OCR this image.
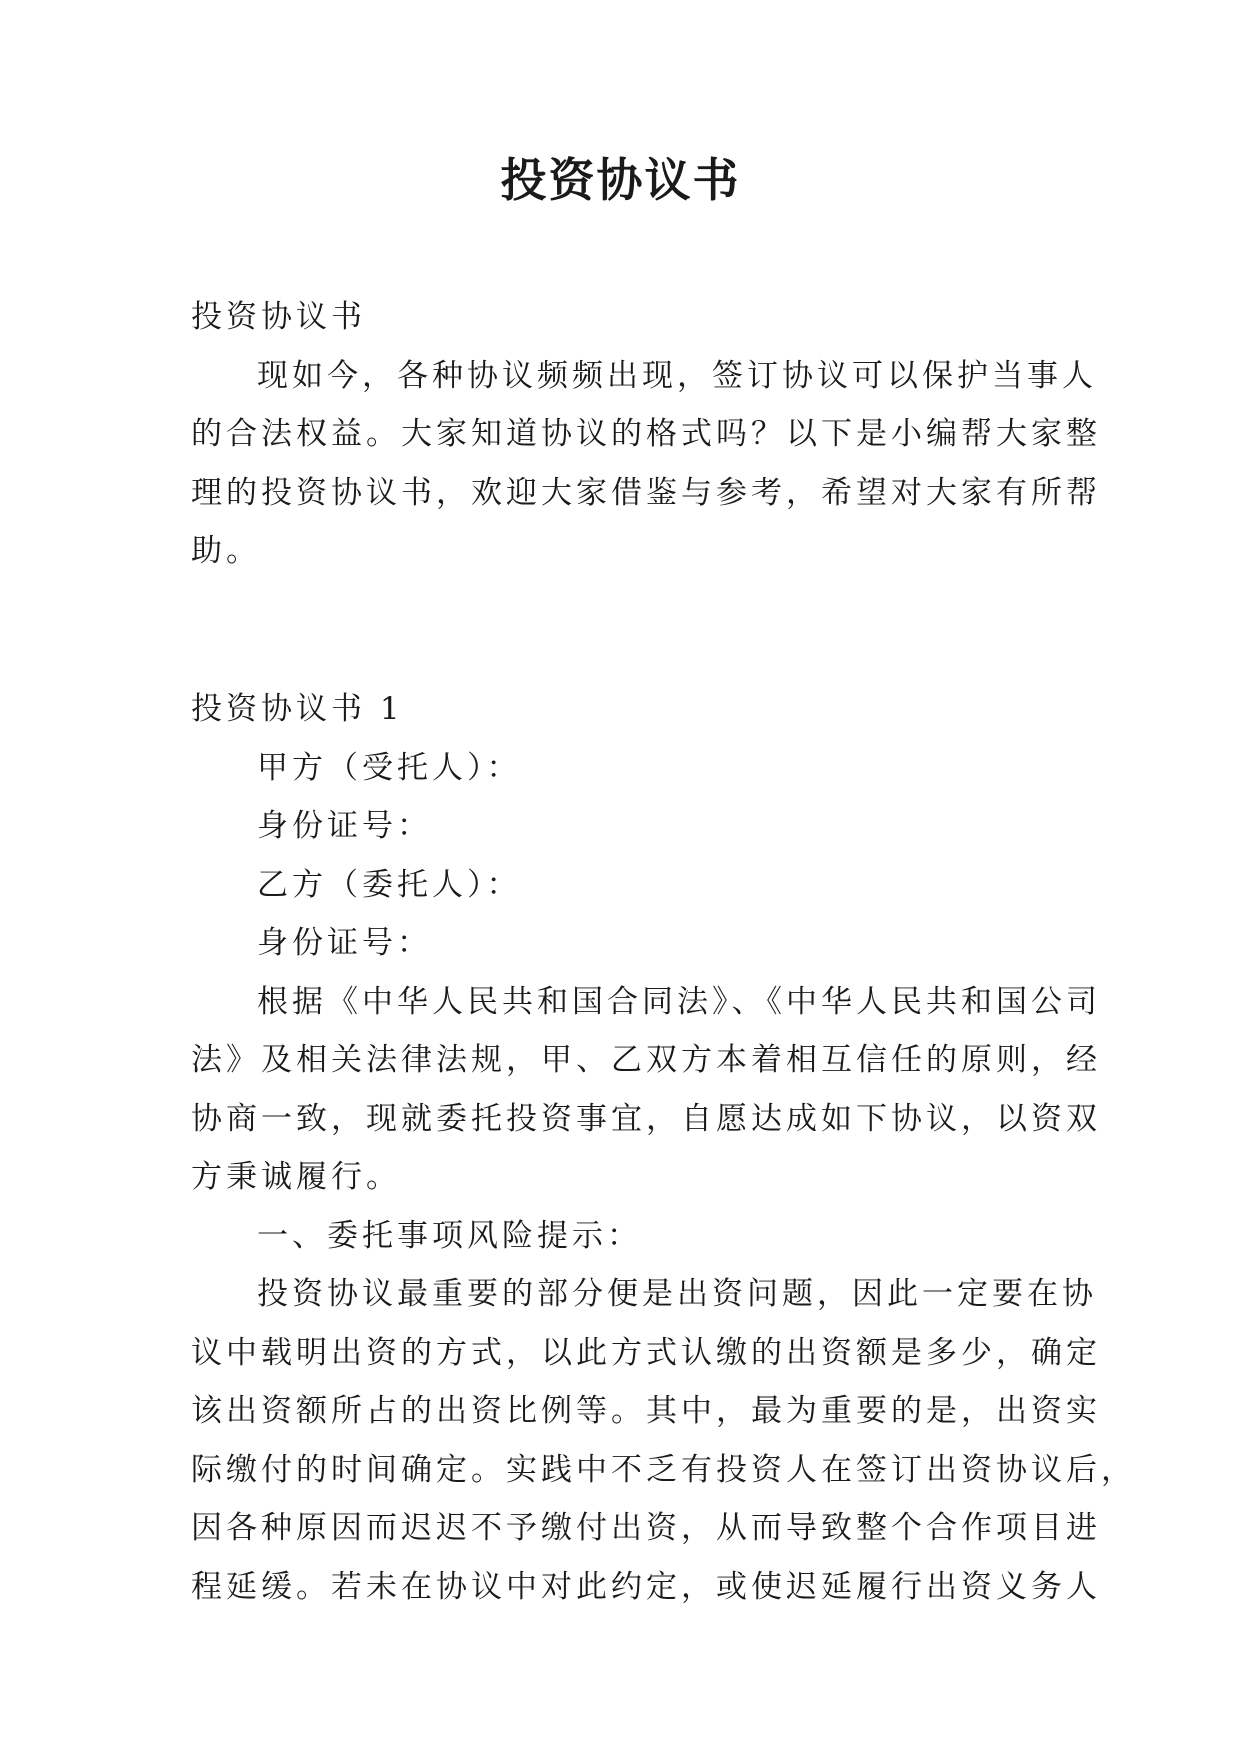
投资协议书
投资协议书
现如今，各种协议频频出现，签订协议可以保护当事人
的合法权益。大家知道协议的格式吗？以下是小编帮大家整
理的投资协议书，欢迎大家借鉴与参考，希望对大家有所帮
助。
投资协议书 1
甲方（受托人）：
身份证号：
乙方（委托人）：
身份证号：
根据《中华人民共和国合同法》、《中华人民共和国公司
法》及相关法律法规，甲、乙双方本着相互信任的原则，经
协商一致，现就委托投资事宜，自愿达成如下协议，以资双
方秉诚履行。
一、委托事项风险提示：
投资协议最重要的部分便是出资问题，因此一定要在协
议中载明出资的方式，以此方式认缴的出资额是多少，确定
该出资额所占的出资比例等。其中，最为重要的是，出资实
际缴付的时间确定。实践中不乏有投资人在签订出资协议后，
因各种原因而迟迟不予缴付出资，从而导致整个合作项目进
程延缓。若未在协议中对此约定，或使迟延履行出资义务人
